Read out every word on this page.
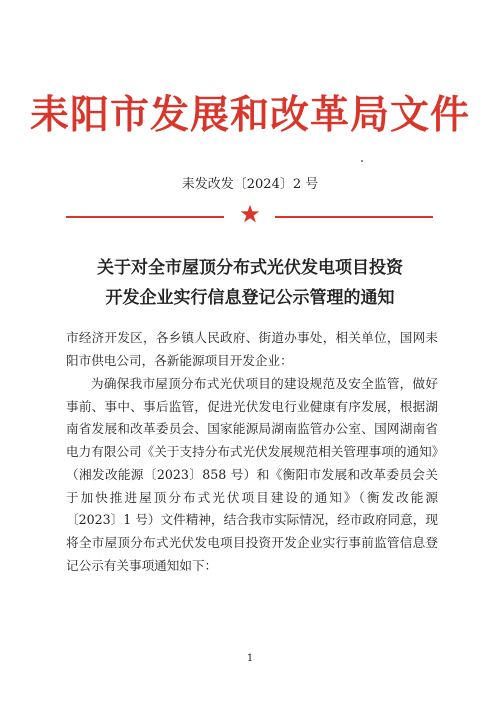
耒阳市发展和改革局文件
耒发改发〔2024〕2 号
关于对全市屋顶分布式光伏发电项目投资
开发企业实行信息登记公示管理的通知
市经济开发区，各乡镇人民政府、街道办事处，相关单位，国网耒阳市供电公司，各新能源项目开发企业：
为确保我市屋顶分布式光伏项目的建设规范及安全监管，做好事前、事中、事后监管，促进光伏发电行业健康有序发展，根据湖南省发展和改革委员会、国家能源局湖南监管办公室、国网湖南省电力有限公司《关于支持分布式光伏发展规范相关管理事项的通知》（湘发改能源〔2023〕858 号）和《衡阳市发展和改革委员会关于加快推进屋顶分布式光伏项目建设的通知》（衡发改能源〔2023〕1 号）文件精神，结合我市实际情况，经市政府同意，现将全市屋顶分布式光伏发电项目投资开发企业实行事前监管信息登记公示有关事项通知如下：
1
